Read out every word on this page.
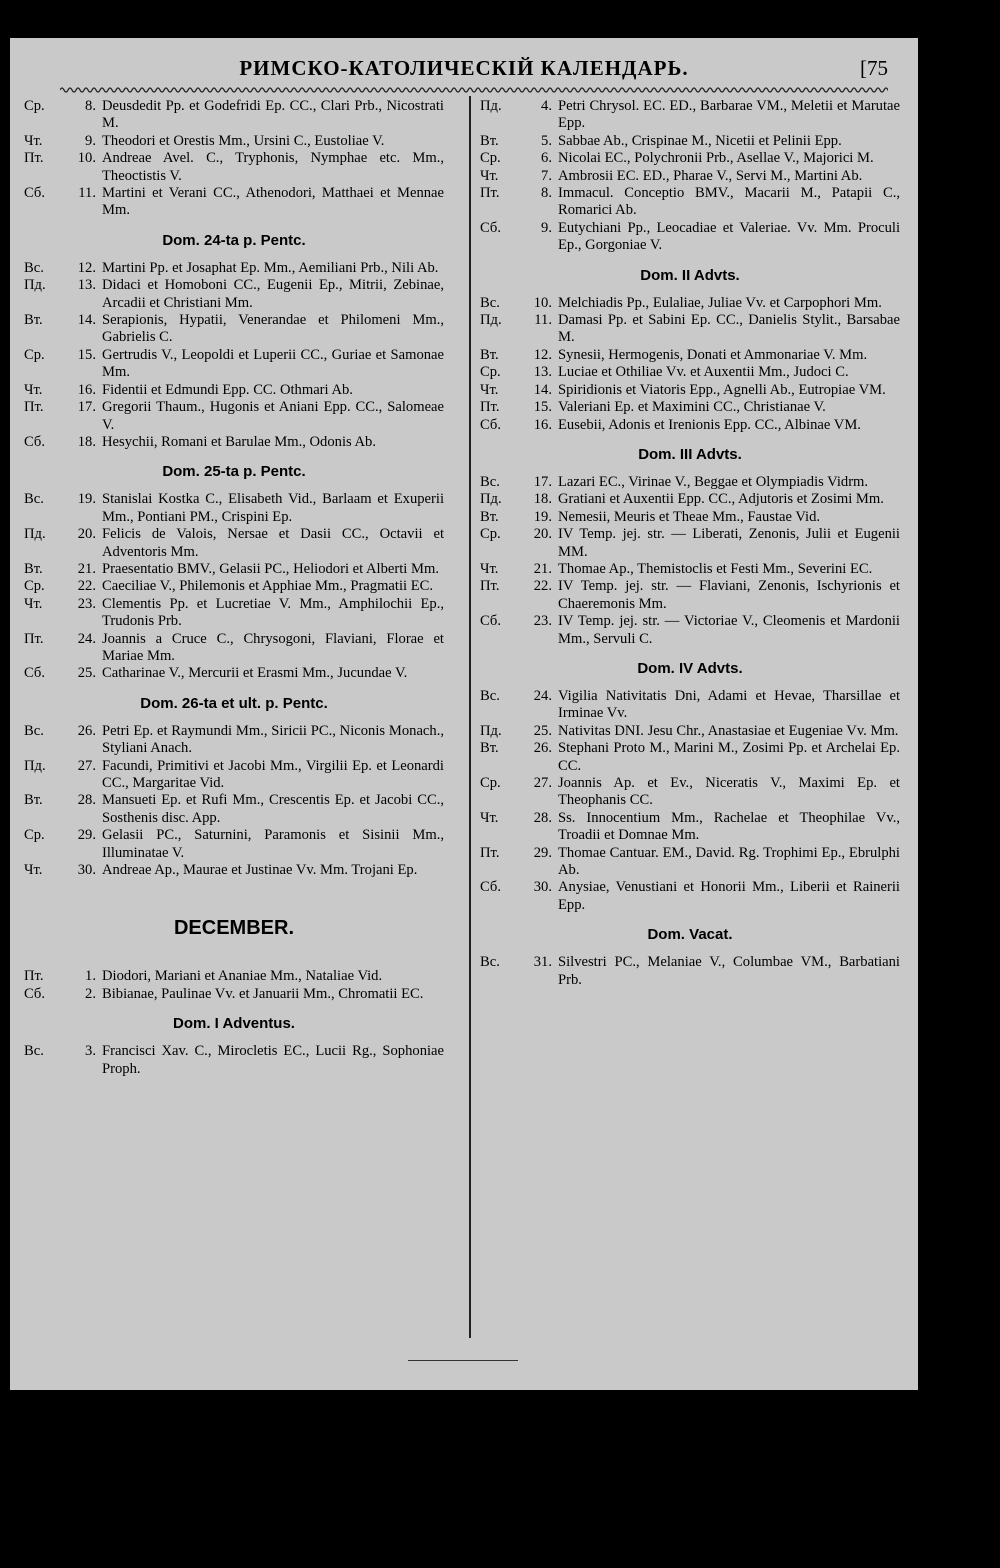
РИМСКО-КАТОЛИЧЕСКIЙ КАЛЕНДАРЬ.	[75
Ср.	8. Deusdedit Pp. et Godefridi Ep. CC., Clari Prb., Nicostrati M.
Чт.	9. Theodori et Orestis Mm., Ursini C., Eustoliae V.
Пт.	10. Andreae Avel. C., Tryphonis, Nymphae etc. Mm., Theoctistis V.
Сб.	11. Martini et Verani CC., Athenodori, Matthaei et Mennae Mm.
Dom. 24-ta p. Pentc.
Вс.	12. Martini Pp. et Josaphat Ep. Mm., Aemiliani Prb., Nili Ab.
Пд.	13. Didaci et Homoboni CC., Eugenii Ep., Mitrii, Zebinae, Arcadii et Christiani Mm.
Вт.	14. Serapionis, Hypatii, Venerandae et Philomeni Mm., Gabrielis C.
Ср.	15. Gertrudis V., Leopoldi et Luperii CC., Guriae et Samonae Mm.
Чт.	16. Fidentii et Edmundi Epp. CC. Othmari Ab.
Пт.	17. Gregorii Thaum., Hugonis et Aniani Epp. CC., Salomeae V.
Сб.	18. Hesychii, Romani et Barulae Mm., Odonis Ab.
Dom. 25-ta p. Pentc.
Вс.	19. Stanislai Kostka C., Elisabeth Vid., Barlaam et Exuperii Mm., Pontiani PM., Crispini Ep.
Пд.	20. Felicis de Valois, Nersae et Dasii CC., Octavii et Adventoris Mm.
Вт.	21. Praesentatio BMV., Gelasii PC., Heliodori et Alberti Mm.
Ср.	22. Caeciliae V., Philemonis et Apphiae Mm., Pragmatii EC.
Чт.	23. Clementis Pp. et Lucretiae V. Mm., Amphilochii Ep., Trudonis Prb.
Пт.	24. Joannis a Cruce C., Chrysogoni, Flaviani, Florae et Mariae Mm.
Сб.	25. Catharinae V., Mercurii et Erasmi Mm., Jucundae V.
Dom. 26-ta et ult. p. Pentc.
Вс.	26. Petri Ep. et Raymundi Mm., Siricii PC., Niconis Monach., Styliani Anach.
Пд.	27. Facundi, Primitivi et Jacobi Mm., Virgilii Ep. et Leonardi CC., Margaritae Vid.
Вт.	28. Mansueti Ep. et Rufi Mm., Crescentis Ep. et Jacobi CC., Sosthenis disc. App.
Ср.	29. Gelasii PC., Saturnini, Paramonis et Sisinii Mm., Illuminatae V.
Чт.	30. Andreae Ap., Maurae et Justinae Vv. Mm. Trojani Ep.
DECEMBER.
Пт.	1. Diodori, Mariani et Ananiae Mm., Nataliae Vid.
Сб.	2. Bibianae, Paulinae Vv. et Januarii Mm., Chromatii EC.
Dom. I Adventus.
Вс.	3. Francisci Xav. C., Mirocletis EC., Lucii Rg., Sophoniae Proph.
Пд.	4. Petri Chrysol. EC. ED., Barbarae VM., Meletii et Marutae Epp.
Вт.	5. Sabbae Ab., Crispinae M., Nicetii et Pelinii Epp.
Ср.	6. Nicolai EC., Polychronii Prb., Asellae V., Majorici M.
Чт.	7. Ambrosii EC. ED., Pharae V., Servi M., Martini Ab.
Пт.	8. Immacul. Conceptio BMV., Macarii M., Patapii C., Romarici Ab.
Сб.	9. Eutychiani Pp., Leocadiae et Valeriae. Vv. Mm. Proculi Ep., Gorgoniae V.
Dom. II Advts.
Вс.	10. Melchiadis Pp., Eulaliae, Juliae Vv. et Carpophori Mm.
Пд.	11. Damasi Pp. et Sabini Ep. CC., Danielis Stylit., Barsabae M.
Вт.	12. Synesii, Hermogenis, Donati et Ammonariae V. Mm.
Ср.	13. Luciae et Othiliae Vv. et Auxentii Mm., Judoci C.
Чт.	14. Spiridionis et Viatoris Epp., Agnelli Ab., Eutropiae VM.
Пт.	15. Valeriani Ep. et Maximini CC., Christianae V.
Сб.	16. Eusebii, Adonis et Irenionis Epp. CC., Albinae VM.
Dom. III Advts.
Вс.	17. Lazari EC., Virinae V., Beggae et Olympiadis Vidrm.
Пд.	18. Gratiani et Auxentii Epp. CC., Adjutoris et Zosimi Mm.
Вт.	19. Nemesii, Meuris et Theae Mm., Faustae Vid.
Ср.	20. IV Temp. jej. str. — Liberati, Zenonis, Julii et Eugenii MM.
Чт.	21. Thomae Ap., Themistoclis et Festi Mm., Severini EC.
Пт.	22. IV Temp. jej. str. — Flaviani, Zenonis, Ischyrionis et Chaeremonis Mm.
Сб.	23. IV Temp. jej. str. — Victoriae V., Cleomenis et Mardonii Mm., Servuli C.
Dom. IV Advts.
Вс.	24. Vigilia Nativitatis Dni, Adami et Hevae, Tharsillae et Irminae Vv.
Пд.	25. Nativitas DNI. Jesu Chr., Anastasiae et Eugeniae Vv. Mm.
Вт.	26. Stephani Proto M., Marini M., Zosimi Pp. et Archelai Ep. CC.
Ср.	27. Joannis Ap. et Ev., Niceratis V., Maximi Ep. et Theophanis CC.
Чт.	28. Ss. Innocentium Mm., Rachelae et Theophilae Vv., Troadii et Domnae Mm.
Пт.	29. Thomae Cantuar. EM., David. Rg. Trophimi Ep., Ebrulphi Ab.
Сб.	30. Anysiae, Venustiani et Honorii Mm., Liberii et Rainerii Epp.
Dom. Vacat.
Вс.	31. Silvestri PC., Melaniae V., Columbae VM., Barbatiani Prb.
